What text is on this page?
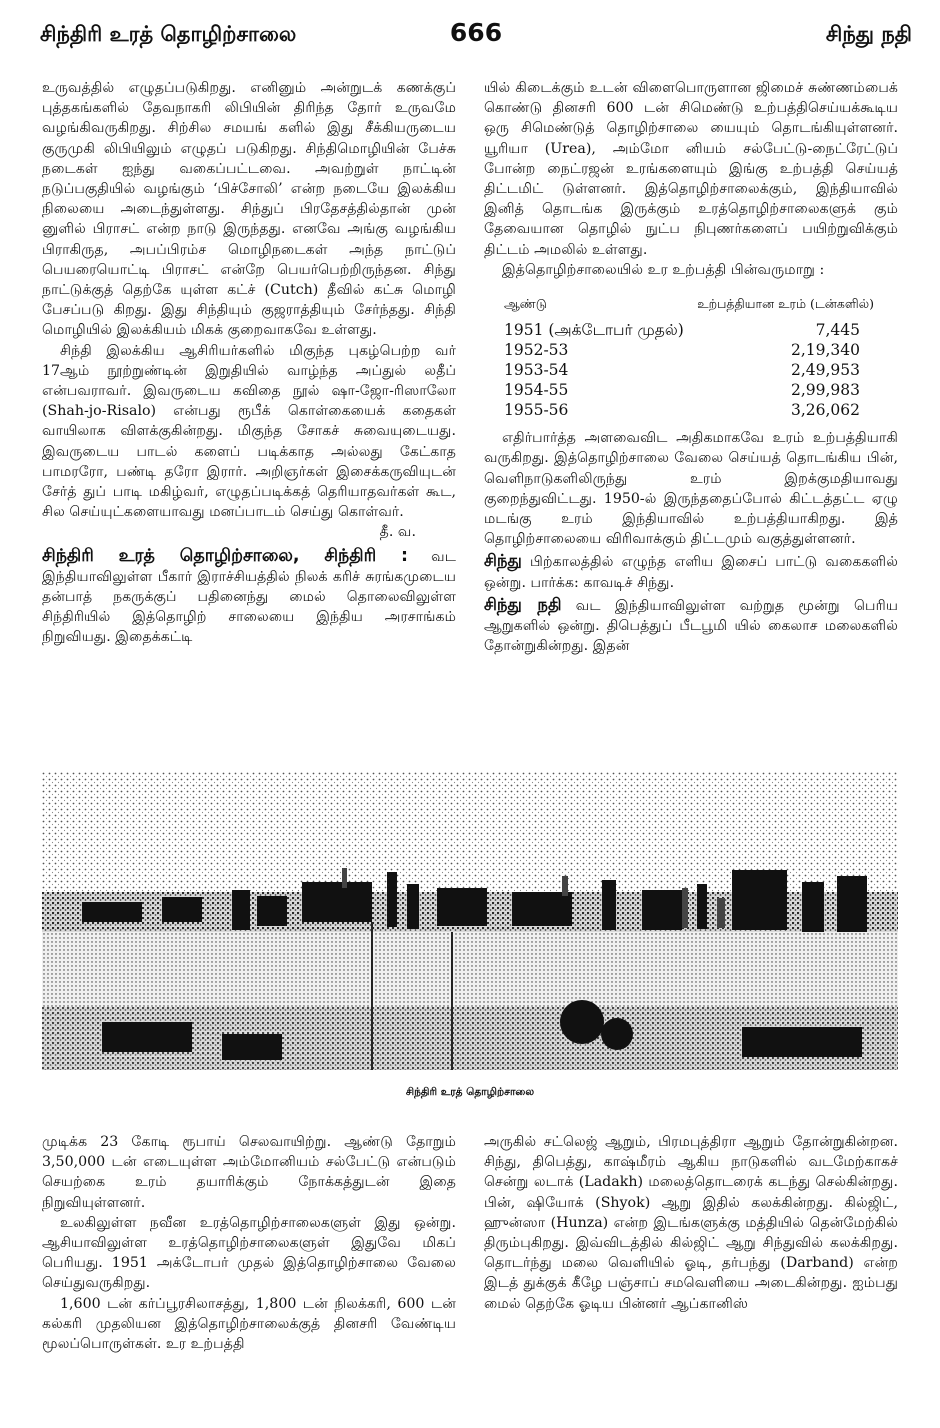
சிந்திரி உரத் தொழிற்சாலை	666	சிந்து நதி

உருவத்தில் எழுதப்படுகிறது. எனினும் அன்றுடக் கணக்குப் புத்தகங்களில் தேவநாகரி லிபியின் திரிந்த தோர் உருவமே வழங்கிவருகிறது. சிற்சில சமயங் களில் இது சீக்கியருடைய குருமுகி லிபியிலும் எழுதப் படுகிறது. சிந்திமொழியின் பேச்சு நடைகள் ஐந்து வகைப்பட்டவை. அவற்றுள் நாட்டின் நடுப்பகுதியில் வழங்கும் ‘பிச்சோலி’ என்ற நடையே இலக்கிய நிலையை அடைந்துள்ளது. சிந்துப் பிரதேசத்தில்தான் முன் னுளில் பிராசட் என்ற நாடு இருந்தது. எனவே அங்கு வழங்கிய பிராகிருத, அபப்பிரம்ச மொழிநடைகள் அந்த நாட்டுப் பெயரையொட்டி பிராசட் என்றே பெயர்பெற்றிருந்தன. சிந்து நாட்டுக்குத் தெற்கே யுள்ள கட்ச் (Cutch) தீவில் கட்சு மொழி பேசப்படு கிறது. இது சிந்தியும் குஜராத்தியும் சேர்ந்தது. சிந்தி மொழியில் இலக்கியம் மிகக் குறைவாகவே உள்ளது.

சிந்தி இலக்கிய ஆசிரியர்களில் மிகுந்த புகழ்பெற்ற வர் 17ஆம் நூற்றுண்டின் இறுதியில் வாழ்ந்த அப்துல் லதீப் என்பவராவர். இவருடைய கவிதை நூல் ஷா-ஜோ-ரிஸாலோ (Shah-jo-Risalo) என்பது ரூபீக் கொள்கையைக் கதைகள் வாயிலாக விளக்குகின்றது. மிகுந்த சோகச் சுவையுடையது. இவருடைய பாடல் களைப் படிக்காத அல்லது கேட்காத பாமரரோ, பண்டி தரோ இரார். அறிஞர்கள் இசைக்கருவியுடன் சேர்த் துப் பாடி மகிழ்வர், எழுதப்படிக்கத் தெரியாதவர்கள் கூட, சில செய்யுட்களையாவது மனப்பாடம் செய்து கொள்வர்.

தீ. வ.

சிந்திரி உரத் தொழிற்சாலை, சிந்திரி : வட இந்தியாவிலுள்ள பீகார் இராச்சியத்தில் நிலக் கரிச் சுரங்கமுடைய தன்பாத் நகருக்குப் பதினைந்து மைல் தொலைவிலுள்ள சிந்திரியில் இத்தொழிற் சாலையை இந்திய அரசாங்கம் நிறுவியது. இதைக்கட்டி

யில் கிடைக்கும் உடன் விளைபொருளான ஜிமைச் சுண்ணம்பைக் கொண்டு தினசரி 600 டன் சிமெண்டு உற்பத்திசெய்யக்கூடிய ஒரு சிமெண்டுத் தொழிற்சாலை யையும் தொடங்கியுள்ளனர். யூரியா (Urea), அம்மோ னியம் சல்பேட்டு-நைட்ரேட்டுப் போன்ற நைட்ரஜன் உரங்களையும் இங்கு உற்பத்தி செய்யத் திட்டமிட் டுள்ளனர். இத்தொழிற்சாலைக்கும், இந்தியாவில் இனித் தொடங்க இருக்கும் உரத்தொழிற்சாலைகளுக் கும் தேவையான தொழில் நுட்ப நிபுணர்களைப் பயிற்றுவிக்கும் திட்டம் அமலில் உள்ளது.

இத்தொழிற்சாலையில் உர உற்பத்தி பின்வருமாறு :

ஆண்டு	உற்பத்தியான உரம் (டன்களில்)
1951 (அக்டோபர் முதல்)	7,445
1952-53	2,19,340
1953-54	2,49,953
1954-55	2,99,983
1955-56	3,26,062

எதிர்பார்த்த அளவைவிட அதிகமாகவே உரம் உற்பத்தியாகி வருகிறது. இத்தொழிற்சாலை வேலை செய்யத் தொடங்கிய பின், வெளிநாடுகளிலிருந்து உரம் இறக்குமதியாவது குறைந்துவிட்டது. 1950-ல் இருந்ததைப்போல் கிட்டத்தட்ட ஏழு மடங்கு உரம் இந்தியாவில் உற்பத்தியாகிறது. இத் தொழிற்சாலையை விரிவாக்கும் திட்டமும் வகுத்துள்ளனர்.

சிந்து பிற்காலத்தில் எழுந்த எளிய இசைப் பாட்டு வகைகளில் ஒன்று. பார்க்க: காவடிச் சிந்து.

சிந்து நதி வட இந்தியாவிலுள்ள வற்றுத மூன்று பெரிய ஆறுகளில் ஒன்று. திபெத்துப் பீடபூமி யில் கைலாச மலைகளில் தோன்றுகின்றது. இதன்

சிந்திரி உரத் தொழிற்சாலை

முடிக்க 23 கோடி ரூபாய் செலவாயிற்று. ஆண்டு தோறும் 3,50,000 டன் எடையுள்ள அம்மோனியம் சல்பேட்டு என்படும் செயற்கை உரம் தயாரிக்கும் நோக்கத்துடன் இதை நிறுவியுள்ளனர்.

உலகிலுள்ள நவீன உரத்தொழிற்சாலைகளுள் இது ஒன்று. ஆசியாவிலுள்ள உரத்தொழிற்சாலைகளுள் இதுவே மிகப் பெரியது. 1951 அக்டோபர் முதல் இத்தொழிற்சாலை வேலை செய்துவருகிறது.

1,600 டன் கர்ப்பூரசிலாசத்து, 1,800 டன் நிலக்கரி, 600 டன் கல்கரி முதலியன இத்தொழிற்சாலைக்குத் தினசரி வேண்டிய மூலப்பொருள்கள். உர உற்பத்தி

அருகில் சட்லெஜ் ஆறும், பிரமபுத்திரா ஆறும் தோன்றுகின்றன. சிந்து, திபெத்து, காஷ்மீரம் ஆகிய நாடுகளில் வடமேற்காகச் சென்று லடாக் (Ladakh) மலைத்தொடரைக் கடந்து செல்கின்றது. பின், ஷியோக் (Shyok) ஆறு இதில் கலக்கின்றது. கில்ஜிட், ஹுன்ஸா (Hunza) என்ற இடங்களுக்கு மத்தியில் தென்மேற்கில் திரும்புகிறது. இவ்விடத்தில் கில்ஜிட் ஆறு சிந்துவில் கலக்கிறது. தொடர்ந்து மலை வெளியில் ஓடி, தர்பந்து (Darband) என்ற இடத் துக்குக் கீழே பஞ்சாப் சமவெளியை அடைகின்றது. ஐம்பது மைல் தெற்கே ஓடிய பின்னர் ஆப்கானிஸ்
